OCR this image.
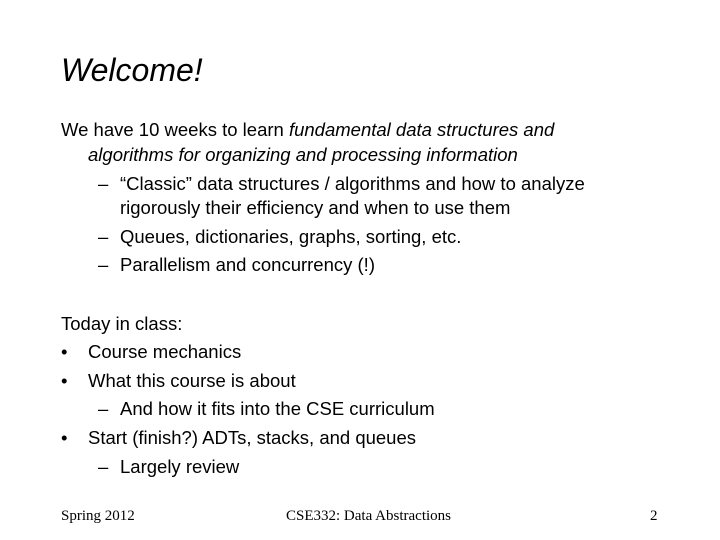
Welcome!
We have 10 weeks to learn fundamental data structures and
algorithms for organizing and processing information
– “Classic” data structures / algorithms and how to analyze
rigorously their efficiency and when to use them
– Queues, dictionaries, graphs, sorting, etc.
– Parallelism and concurrency (!)
Today in class:
• Course mechanics
• What this course is about
– And how it fits into the CSE curriculum
• Start (finish?) ADTs, stacks, and queues
– Largely review
Spring 2012	CSE332: Data Abstractions	2
